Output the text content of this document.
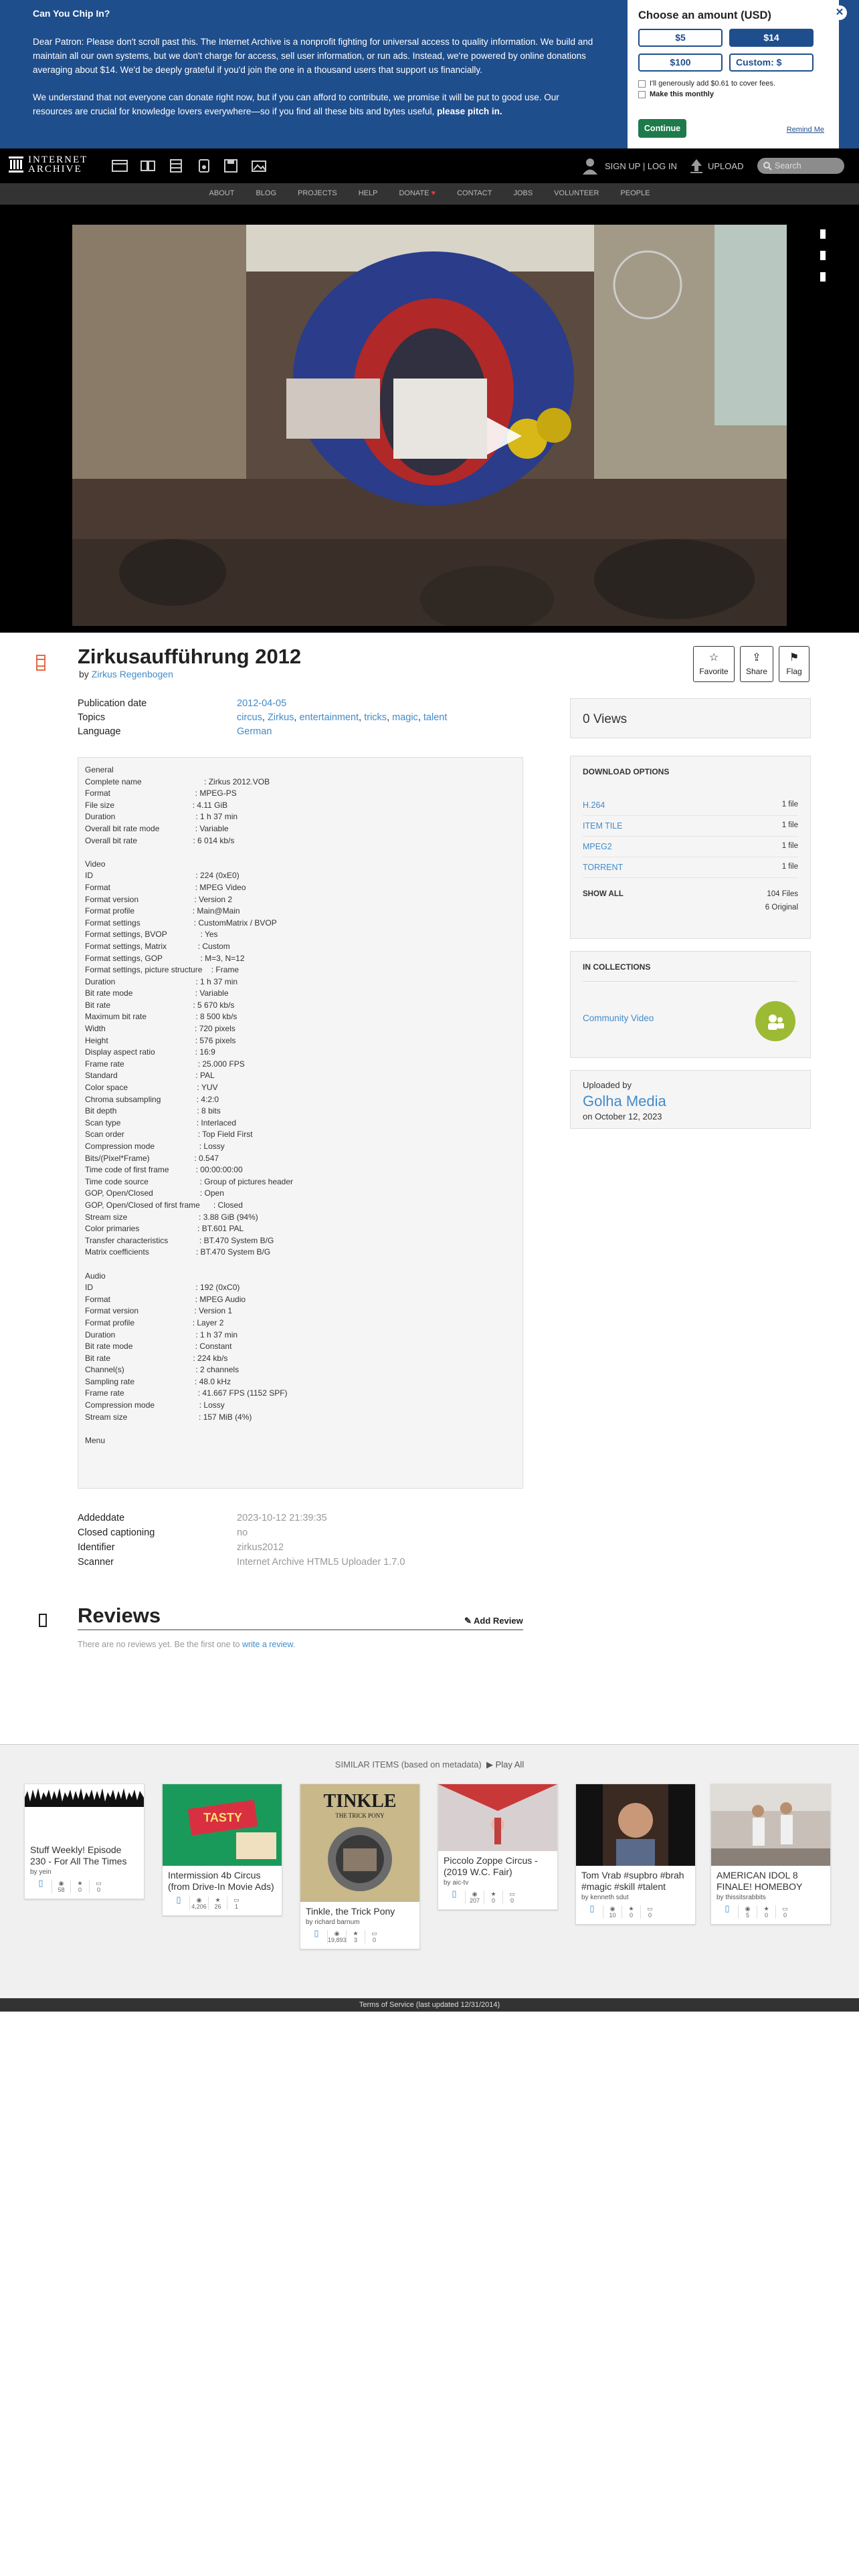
Can You Chip In?

Dear Patron: Please don't scroll past this. The Internet Archive is a nonprofit fighting for universal access to quality information. We build and maintain all our own systems, but we don't charge for access, sell user information, or run ads. Instead, we're powered by online donations averaging about $14. We'd be deeply grateful if you'd join the one in a thousand users that support us financially.

We understand that not everyone can donate right now, but if you can afford to contribute, we promise it will be put to good use. Our resources are crucial for knowledge lovers everywhere—so if you find all these bits and bytes useful, please pitch in.

Choose an amount (USD)
$5	$14
$100	Custom: $
I'll generously add $0.61 to cover fees.
Make this monthly
Continue	Remind Me
✕
INTERNET
ARCHIVE	SIGN UP | LOG IN	UPLOAD	Search
ABOUT	BLOG	PROJECTS	HELP	DONATE ♥	CONTACT	JOBS	VOLUNTEER	PEOPLE
Zirkusaufführung 2012
by Zirkus Regenbogen
☆
Favorite
⇪
Share
⚑
Flag
Publication date	2012-04-05
Topics	circus, Zirkus, entertainment, tricks, magic, talent
Language	German
General
Complete name                            : Zirkus 2012.VOB
Format                                      : MPEG-PS
File size                                   : 4.11 GiB
Duration                                    : 1 h 37 min
Overall bit rate mode                : Variable
Overall bit rate                         : 6 014 kb/s

Video
ID                                              : 224 (0xE0)
Format                                      : MPEG Video
Format version                         : Version 2
Format profile                          : Main@Main
Format settings                        : CustomMatrix / BVOP
Format settings, BVOP               : Yes
Format settings, Matrix              : Custom
Format settings, GOP                 : M=3, N=12
Format settings, picture structure    : Frame
Duration                                    : 1 h 37 min
Bit rate mode                            : Variable
Bit rate                                     : 5 670 kb/s
Maximum bit rate                      : 8 500 kb/s
Width                                        : 720 pixels
Height                                       : 576 pixels
Display aspect ratio                  : 16:9
Frame rate                                 : 25.000 FPS
Standard                                   : PAL
Color space                               : YUV
Chroma subsampling                : 4:2:0
Bit depth                                    : 8 bits
Scan type                                  : Interlaced
Scan order                                 : Top Field First
Compression mode                    : Lossy
Bits/(Pixel*Frame)                    : 0.547
Time code of first frame            : 00:00:00:00
Time code source                       : Group of pictures header
GOP, Open/Closed                     : Open
GOP, Open/Closed of first frame      : Closed
Stream size                                : 3.88 GiB (94%)
Color primaries                          : BT.601 PAL
Transfer characteristics              : BT.470 System B/G
Matrix coefficients                     : BT.470 System B/G

Audio
ID                                              : 192 (0xC0)
Format                                      : MPEG Audio
Format version                         : Version 1
Format profile                          : Layer 2
Duration                                    : 1 h 37 min
Bit rate mode                            : Constant
Bit rate                                     : 224 kb/s
Channel(s)                                : 2 channels
Sampling rate                           : 48.0 kHz
Frame rate                                 : 41.667 FPS (1152 SPF)
Compression mode                    : Lossy
Stream size                                : 157 MiB (4%)

Menu
Addeddate	2023-10-12 21:39:35
Closed captioning	no
Identifier	zirkus2012
Scanner	Internet Archive HTML5 Uploader 1.7.0
0 Views
DOWNLOAD OPTIONS
H.264	1 file
ITEM TILE	1 file
MPEG2	1 file
TORRENT	1 file
SHOW ALL	104 Files
6 Original
IN COLLECTIONS
Community Video
Uploaded by
Golha Media
on October 12, 2023
Reviews	✎ Add Review
There are no reviews yet. Be the first one to write a review.
SIMILAR ITEMS (based on metadata) ▶ Play All
Stuff Weekly! Episode 230 - For All The Times
by yein
▯	◉
58
★
0
▭
0
TASTY
Intermission 4b Circus (from Drive-In Movie Ads)
▯	◉
4,206
★
26
▭
1
TINKLE
THE TRICK PONY
Tinkle, the Trick Pony
by richard barnum
▯	◉
19,893
★
3
▭
0
Piccolo Zoppe Circus - (2019 W.C. Fair)
by aic-tv
▯	◉
207
★
0
▭
0
Tom Vrab #supbro #brah #magic #skill #talent
by kenneth sdut
▯	◉
10
★
0
▭
0
AMERICAN IDOL 8 FINALE! HOMEBOY
by thissitsrabbits
▯	◉
5
★
0
▭
0
Terms of Service (last updated 12/31/2014)
